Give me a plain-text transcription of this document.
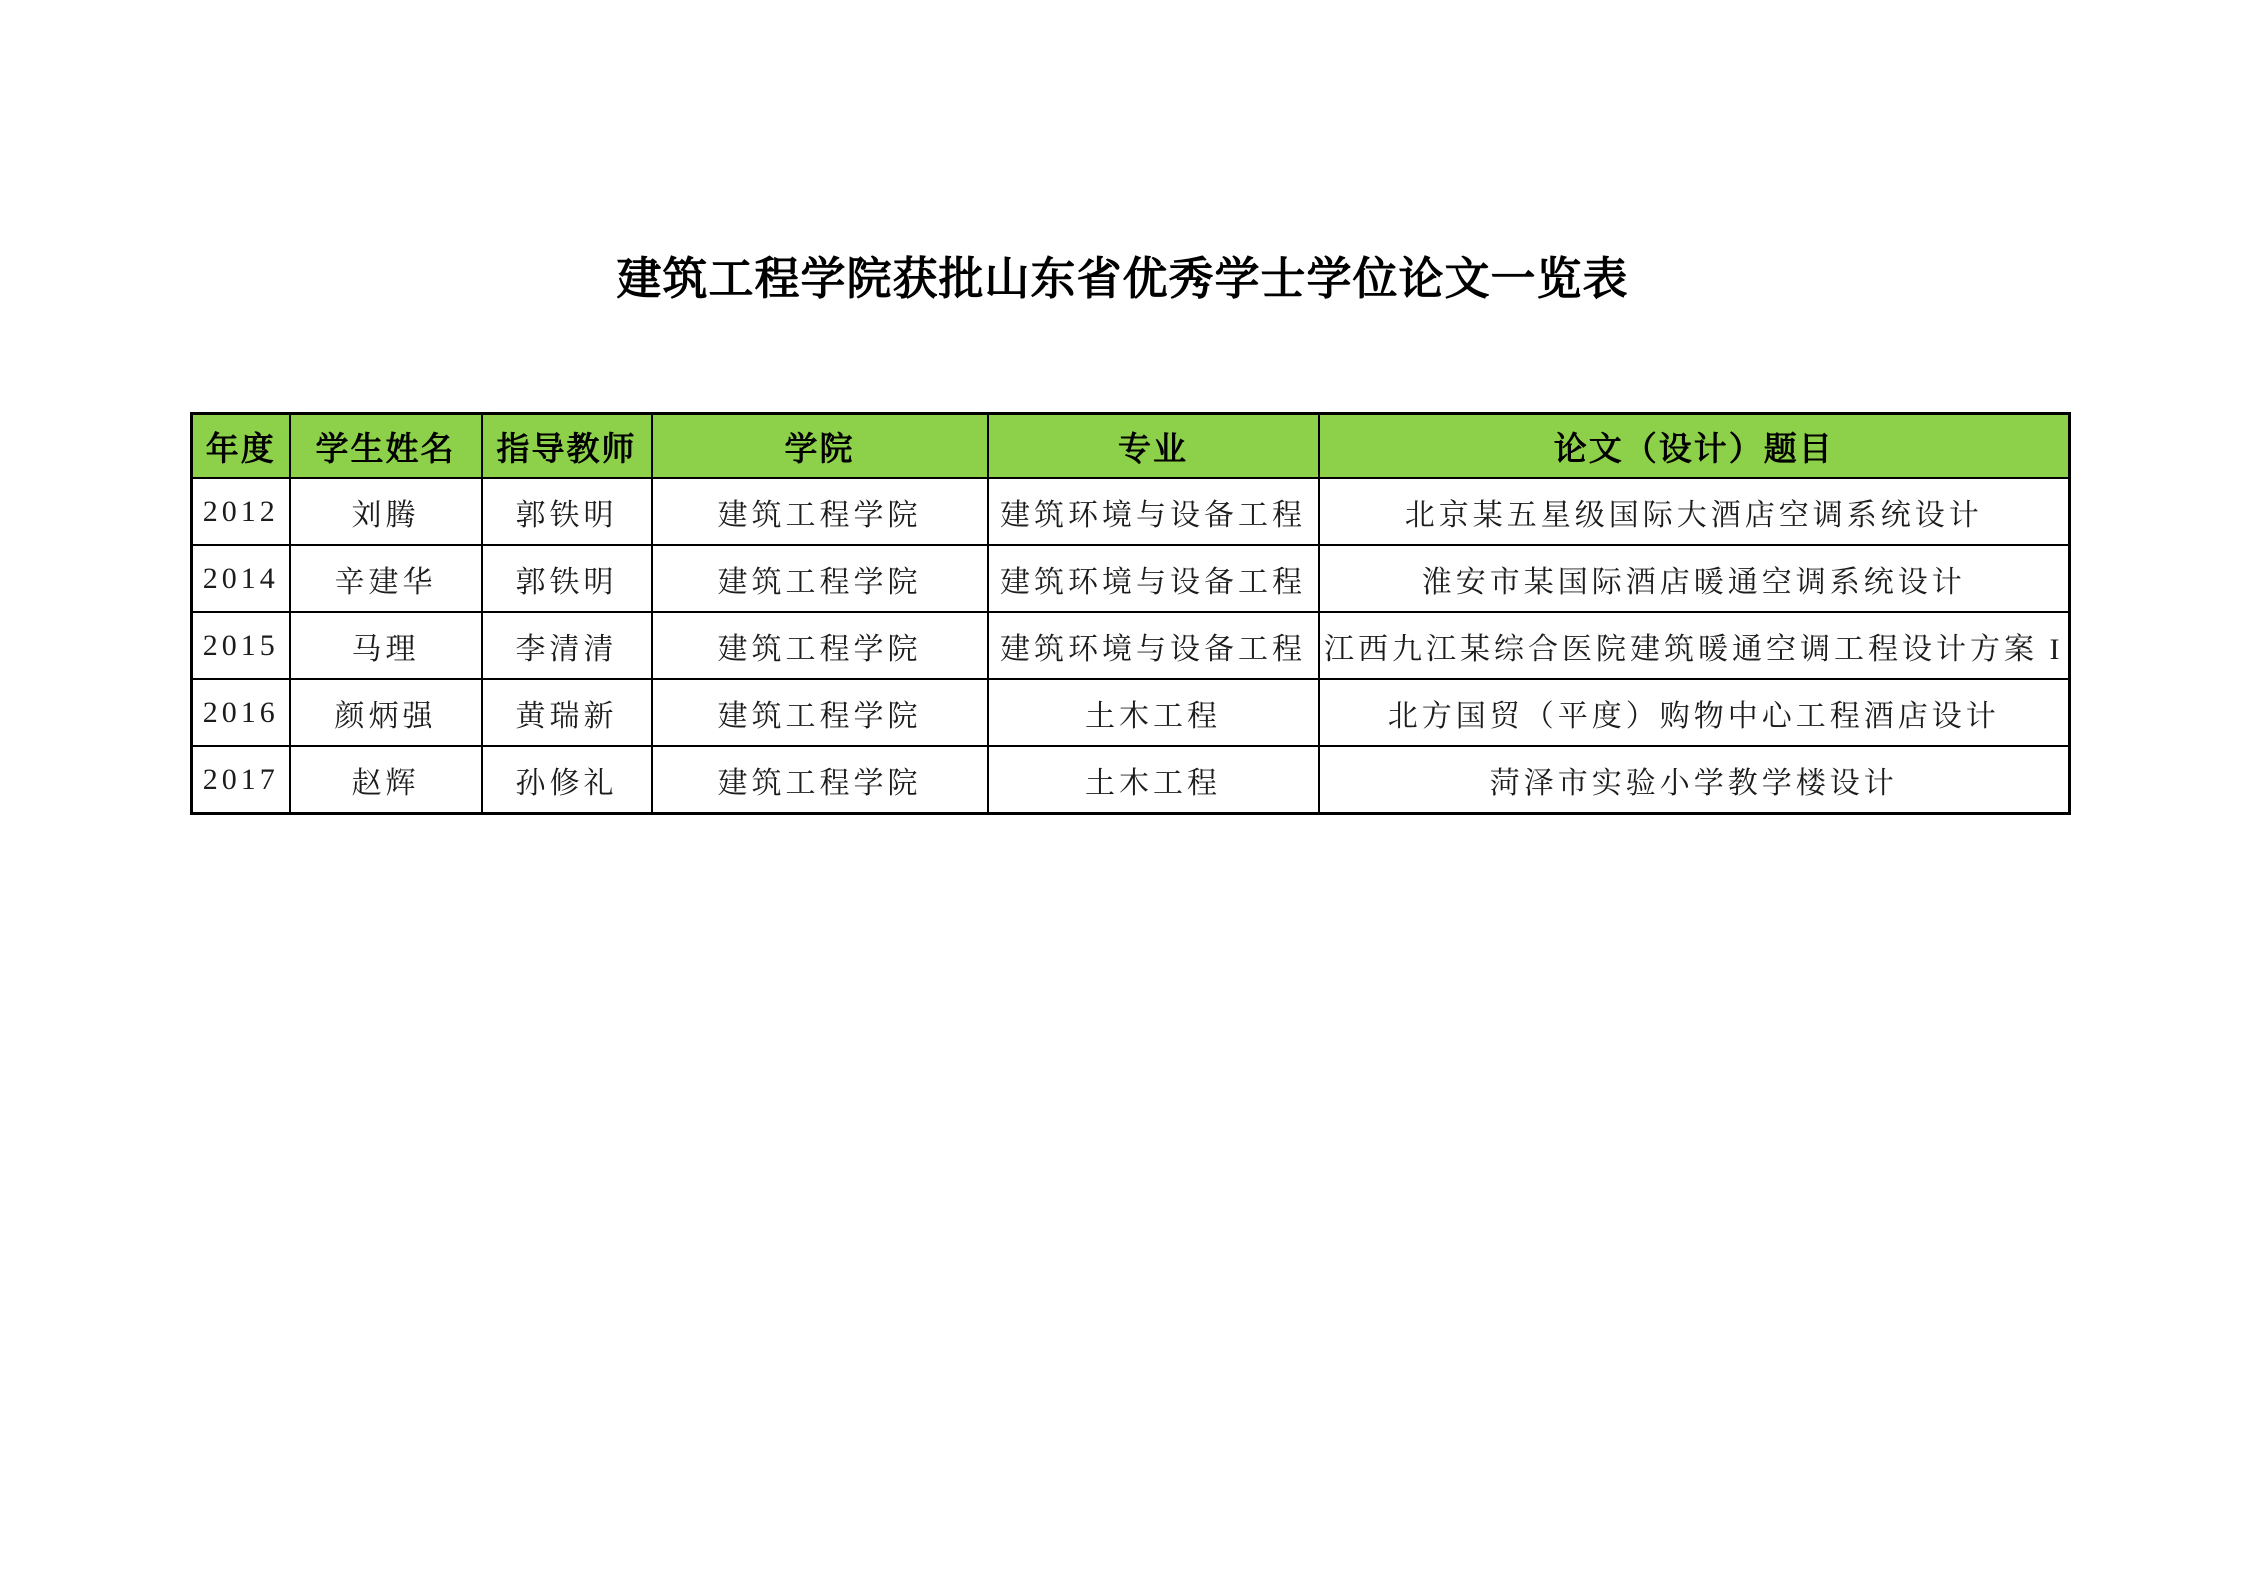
建筑工程学院获批山东省优秀学士学位论文一览表
年度	学生姓名	指导教师	学院	专业	论文（设计）题目
2012	刘腾	郭铁明	建筑工程学院	建筑环境与设备工程	北京某五星级国际大酒店空调系统设计
2014	辛建华	郭铁明	建筑工程学院	建筑环境与设备工程	淮安市某国际酒店暖通空调系统设计
2015	马理	李清清	建筑工程学院	建筑环境与设备工程	江西九江某综合医院建筑暖通空调工程设计方案 I
2016	颜炳强	黄瑞新	建筑工程学院	土木工程	北方国贸（平度）购物中心工程酒店设计
2017	赵辉	孙修礼	建筑工程学院	土木工程	菏泽市实验小学教学楼设计
